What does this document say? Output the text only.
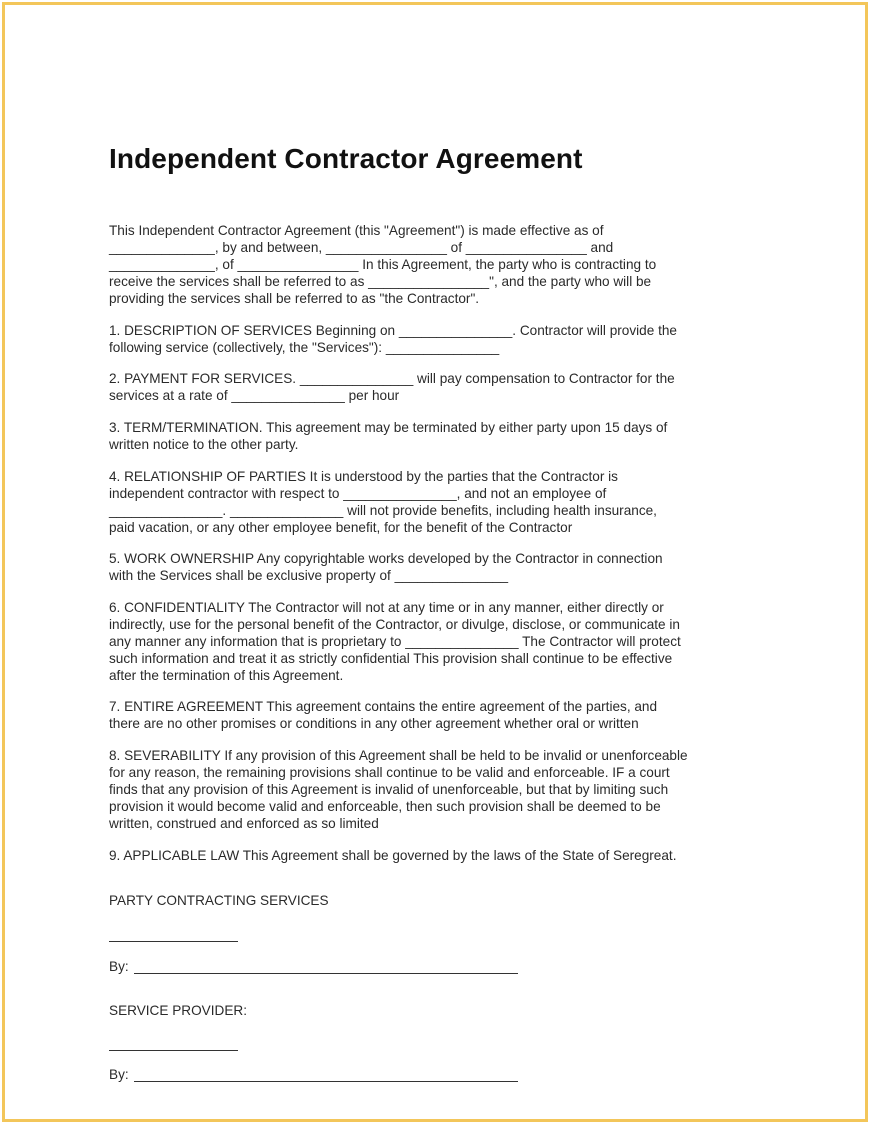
Independent Contractor Agreement
This Independent Contractor Agreement (this "Agreement") is made effective as of
______________, by and between, ________________ of ________________ and
______________, of ________________ In this Agreement, the party who is contracting to
receive the services shall be referred to as ________________", and the party who will be
providing the services shall be referred to as "the Contractor".
1. DESCRIPTION OF SERVICES Beginning on _______________. Contractor will provide the
following service (collectively, the "Services"): _______________
2. PAYMENT FOR SERVICES. _______________ will pay compensation to Contractor for the
services at a rate of _______________ per hour
3. TERM/TERMINATION. This agreement may be terminated by either party upon 15 days of
written notice to the other party.
4. RELATIONSHIP OF PARTIES It is understood by the parties that the Contractor is
independent contractor with respect to _______________, and not an employee of
_______________. _______________ will not provide benefits, including health insurance,
paid vacation, or any other employee benefit, for the benefit of the Contractor
5. WORK OWNERSHIP Any copyrightable works developed by the Contractor in connection
with the Services shall be exclusive property of _______________
6. CONFIDENTIALITY The Contractor will not at any time or in any manner, either directly or
indirectly, use for the personal benefit of the Contractor, or divulge, disclose, or communicate in
any manner any information that is proprietary to _______________ The Contractor will protect
such information and treat it as strictly confidential This provision shall continue to be effective
after the termination of this Agreement.
7. ENTIRE AGREEMENT This agreement contains the entire agreement of the parties, and
there are no other promises or conditions in any other agreement whether oral or written
8. SEVERABILITY If any provision of this Agreement shall be held to be invalid or unenforceable
for any reason, the remaining provisions shall continue to be valid and enforceable. IF a court
finds that any provision of this Agreement is invalid of unenforceable, but that by limiting such
provision it would become valid and enforceable, then such provision shall be deemed to be
written, construed and enforced as so limited
9. APPLICABLE LAW This Agreement shall be governed by the laws of the State of Seregreat.
PARTY CONTRACTING SERVICES
By:
SERVICE PROVIDER:
By:
